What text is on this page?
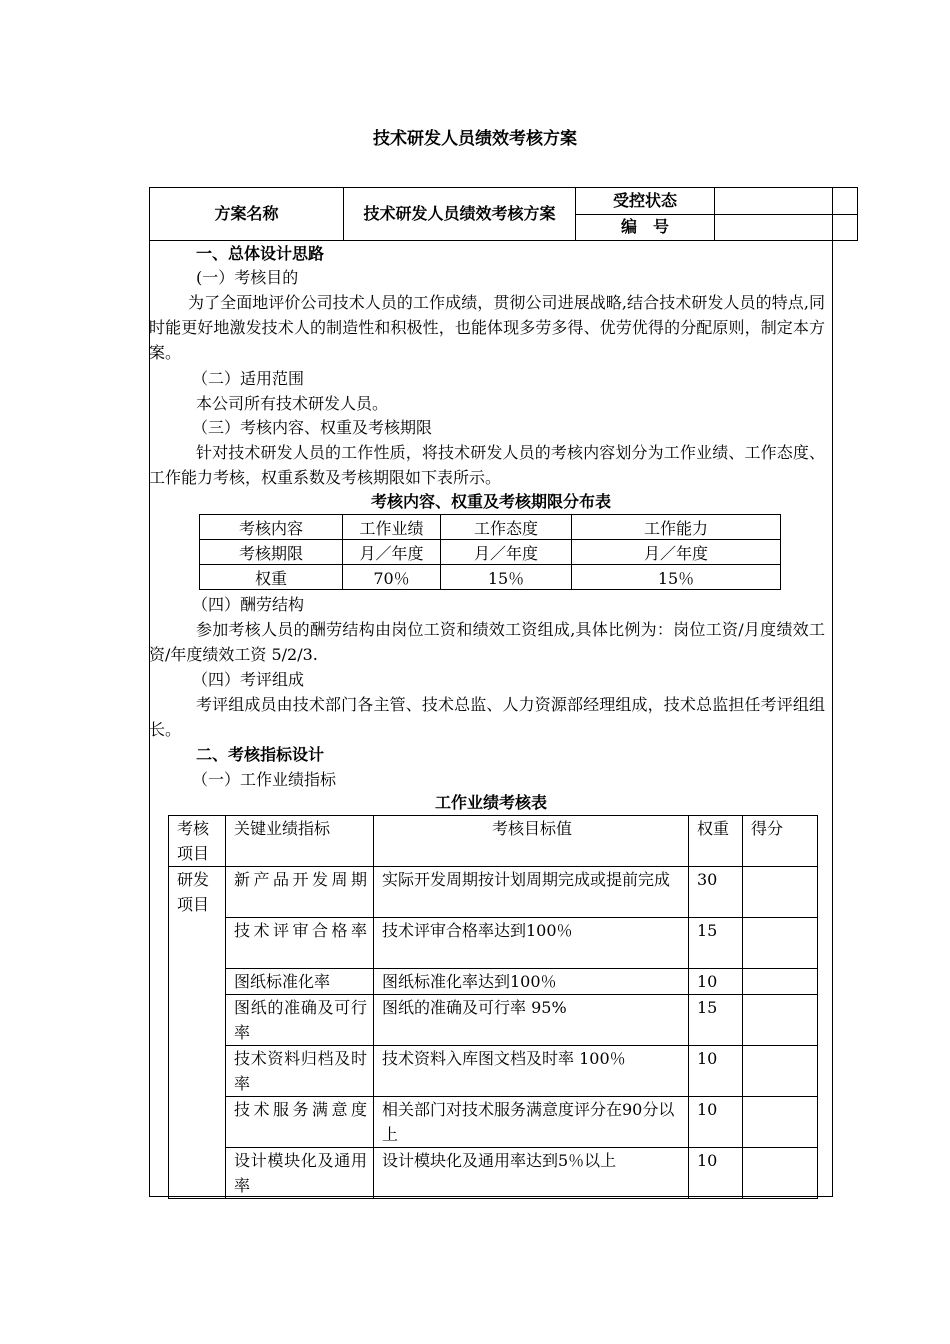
技术研发人员绩效考核方案
方案名称	技术研发人员绩效考核方案	受控状态	
		编　号	
一、总体设计思路
(一）考核目的
为了全面地评价公司技术人员的工作成绩，贯彻公司进展战略,结合技术研发人员的特点,同时能更好地激发技术人的制造性和积极性，也能体现多劳多得、优劳优得的分配原则，制定本方案。
（二）适用范围
本公司所有技术研发人员。
（三）考核内容、权重及考核期限
针对技术研发人员的工作性质，将技术研发人员的考核内容划分为工作业绩、工作态度、工作能力考核，权重系数及考核期限如下表所示。
考核内容、权重及考核期限分布表
考核内容	工作业绩	工作态度	工作能力
考核期限	月／年度	月／年度	月／年度
权重	70％	15％	15％
（四）酬劳结构
参加考核人员的酬劳结构由岗位工资和绩效工资组成,具体比例为：岗位工资/月度绩效工资/年度绩效工资 5/2/3.
（四）考评组成
考评组成员由技术部门各主管、技术总监、人力资源部经理组成，技术总监担任考评组组长。
二、考核指标设计
（一）工作业绩指标
工作业绩考核表
考核项目	关键业绩指标	考核目标值	权重	得分
研发项目	新产品开发周期	实际开发周期按计划周期完成或提前完成	30	
	技术评审合格率	技术评审合格率达到100％	15	
	图纸标准化率	图纸标准化率达到100％	10	
	图纸的准确及可行率	图纸的准确及可行率 95%	15	
	技术资料归档及时率	技术资料入库图文档及时率 100％	10	
	技术服务满意度	相关部门对技术服务满意度评分在90分以上	10	
	设计模块化及通用率	设计模块化及通用率达到5％以上	10	
